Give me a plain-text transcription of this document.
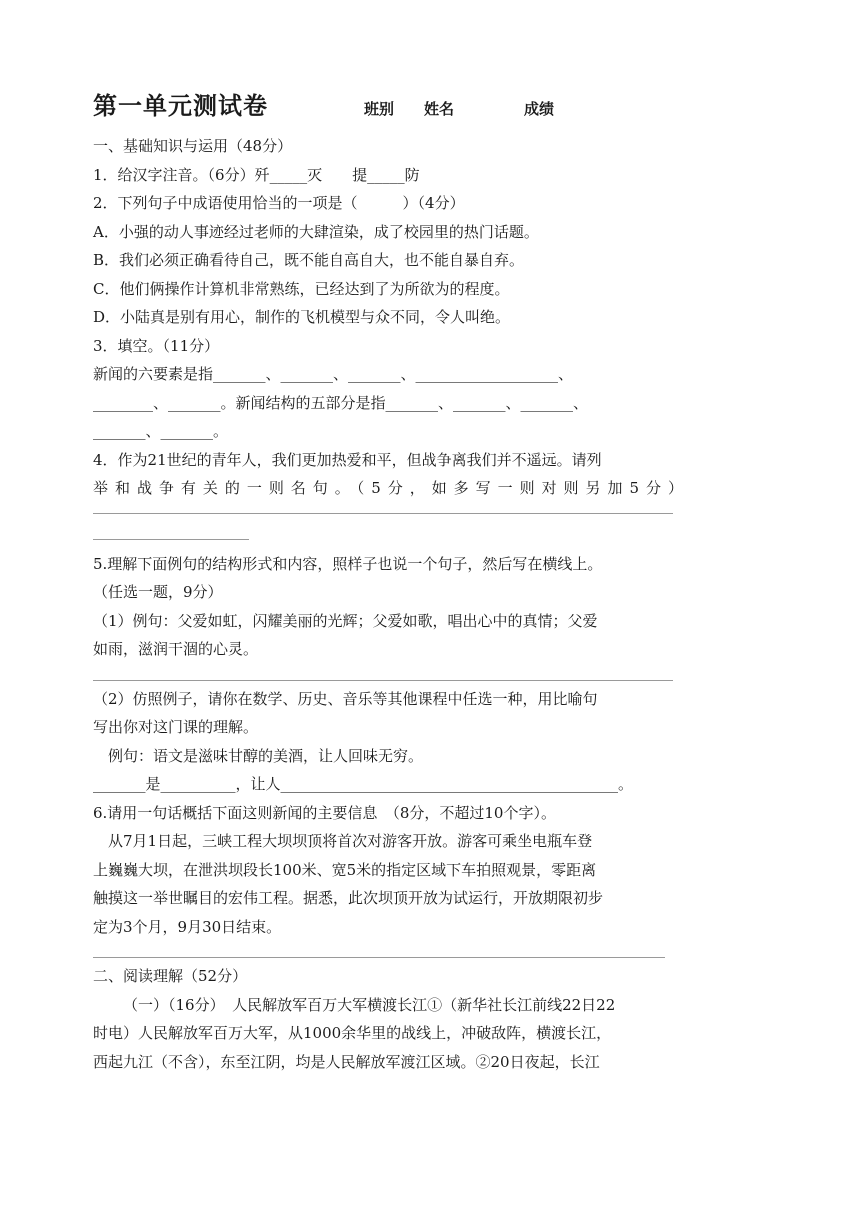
第一单元测试卷	班别 姓名	成绩
一、基础知识与运用（48分）
1．给汉字注音。（6分）歼_____灭　　提_____防
2．下列句子中成语使用恰当的一项是（　　　）（4分）
A．小强的动人事迹经过老师的大肆渲染，成了校园里的热门话题。
B．我们必须正确看待自己，既不能自高自大，也不能自暴自弃。
C．他们俩操作计算机非常熟练，已经达到了为所欲为的程度。
D．小陆真是别有用心，制作的飞机模型与众不同，令人叫绝。
3．填空。（11分）
新闻的六要素是指_______、_______、_______、___________________、
________、_______。新闻结构的五部分是指_______、_______、_______、
_______、_______。
4．作为21世纪的青年人，我们更加热爱和平，但战争离我们并不遥远。请列
举和战争有关的一则名句。（5分，如多写一则对则另加5分）
5.理解下面例句的结构形式和内容，照样子也说一个句子，然后写在横线上。
（任选一题，9分）
（1）例句：父爱如虹，闪耀美丽的光辉；父爱如歌，唱出心中的真情；父爱
如雨，滋润干涸的心灵。
（2）仿照例子，请你在数学、历史、音乐等其他课程中任选一种，用比喻句
写出你对这门课的理解。
例句：语文是滋味甘醇的美酒，让人回味无穷。
_______是__________，让人_____________________________________________。
6.请用一句话概括下面这则新闻的主要信息　（8分，不超过10个字）。
从7月1日起，三峡工程大坝坝顶将首次对游客开放。游客可乘坐电瓶车登
上巍巍大坝，在泄洪坝段长100米、宽5米的指定区域下车拍照观景，零距离
触摸这一举世瞩目的宏伟工程。据悉，此次坝顶开放为试运行，开放期限初步
定为3个月，9月30日结束。
二、阅读理解（52分）
（一）（16分）　人民解放军百万大军横渡长江①（新华社长江前线22日22
时电）人民解放军百万大军，从1000余华里的战线上，冲破敌阵，横渡长江，
西起九江（不含），东至江阴，均是人民解放军渡江区域。②20日夜起，长江
